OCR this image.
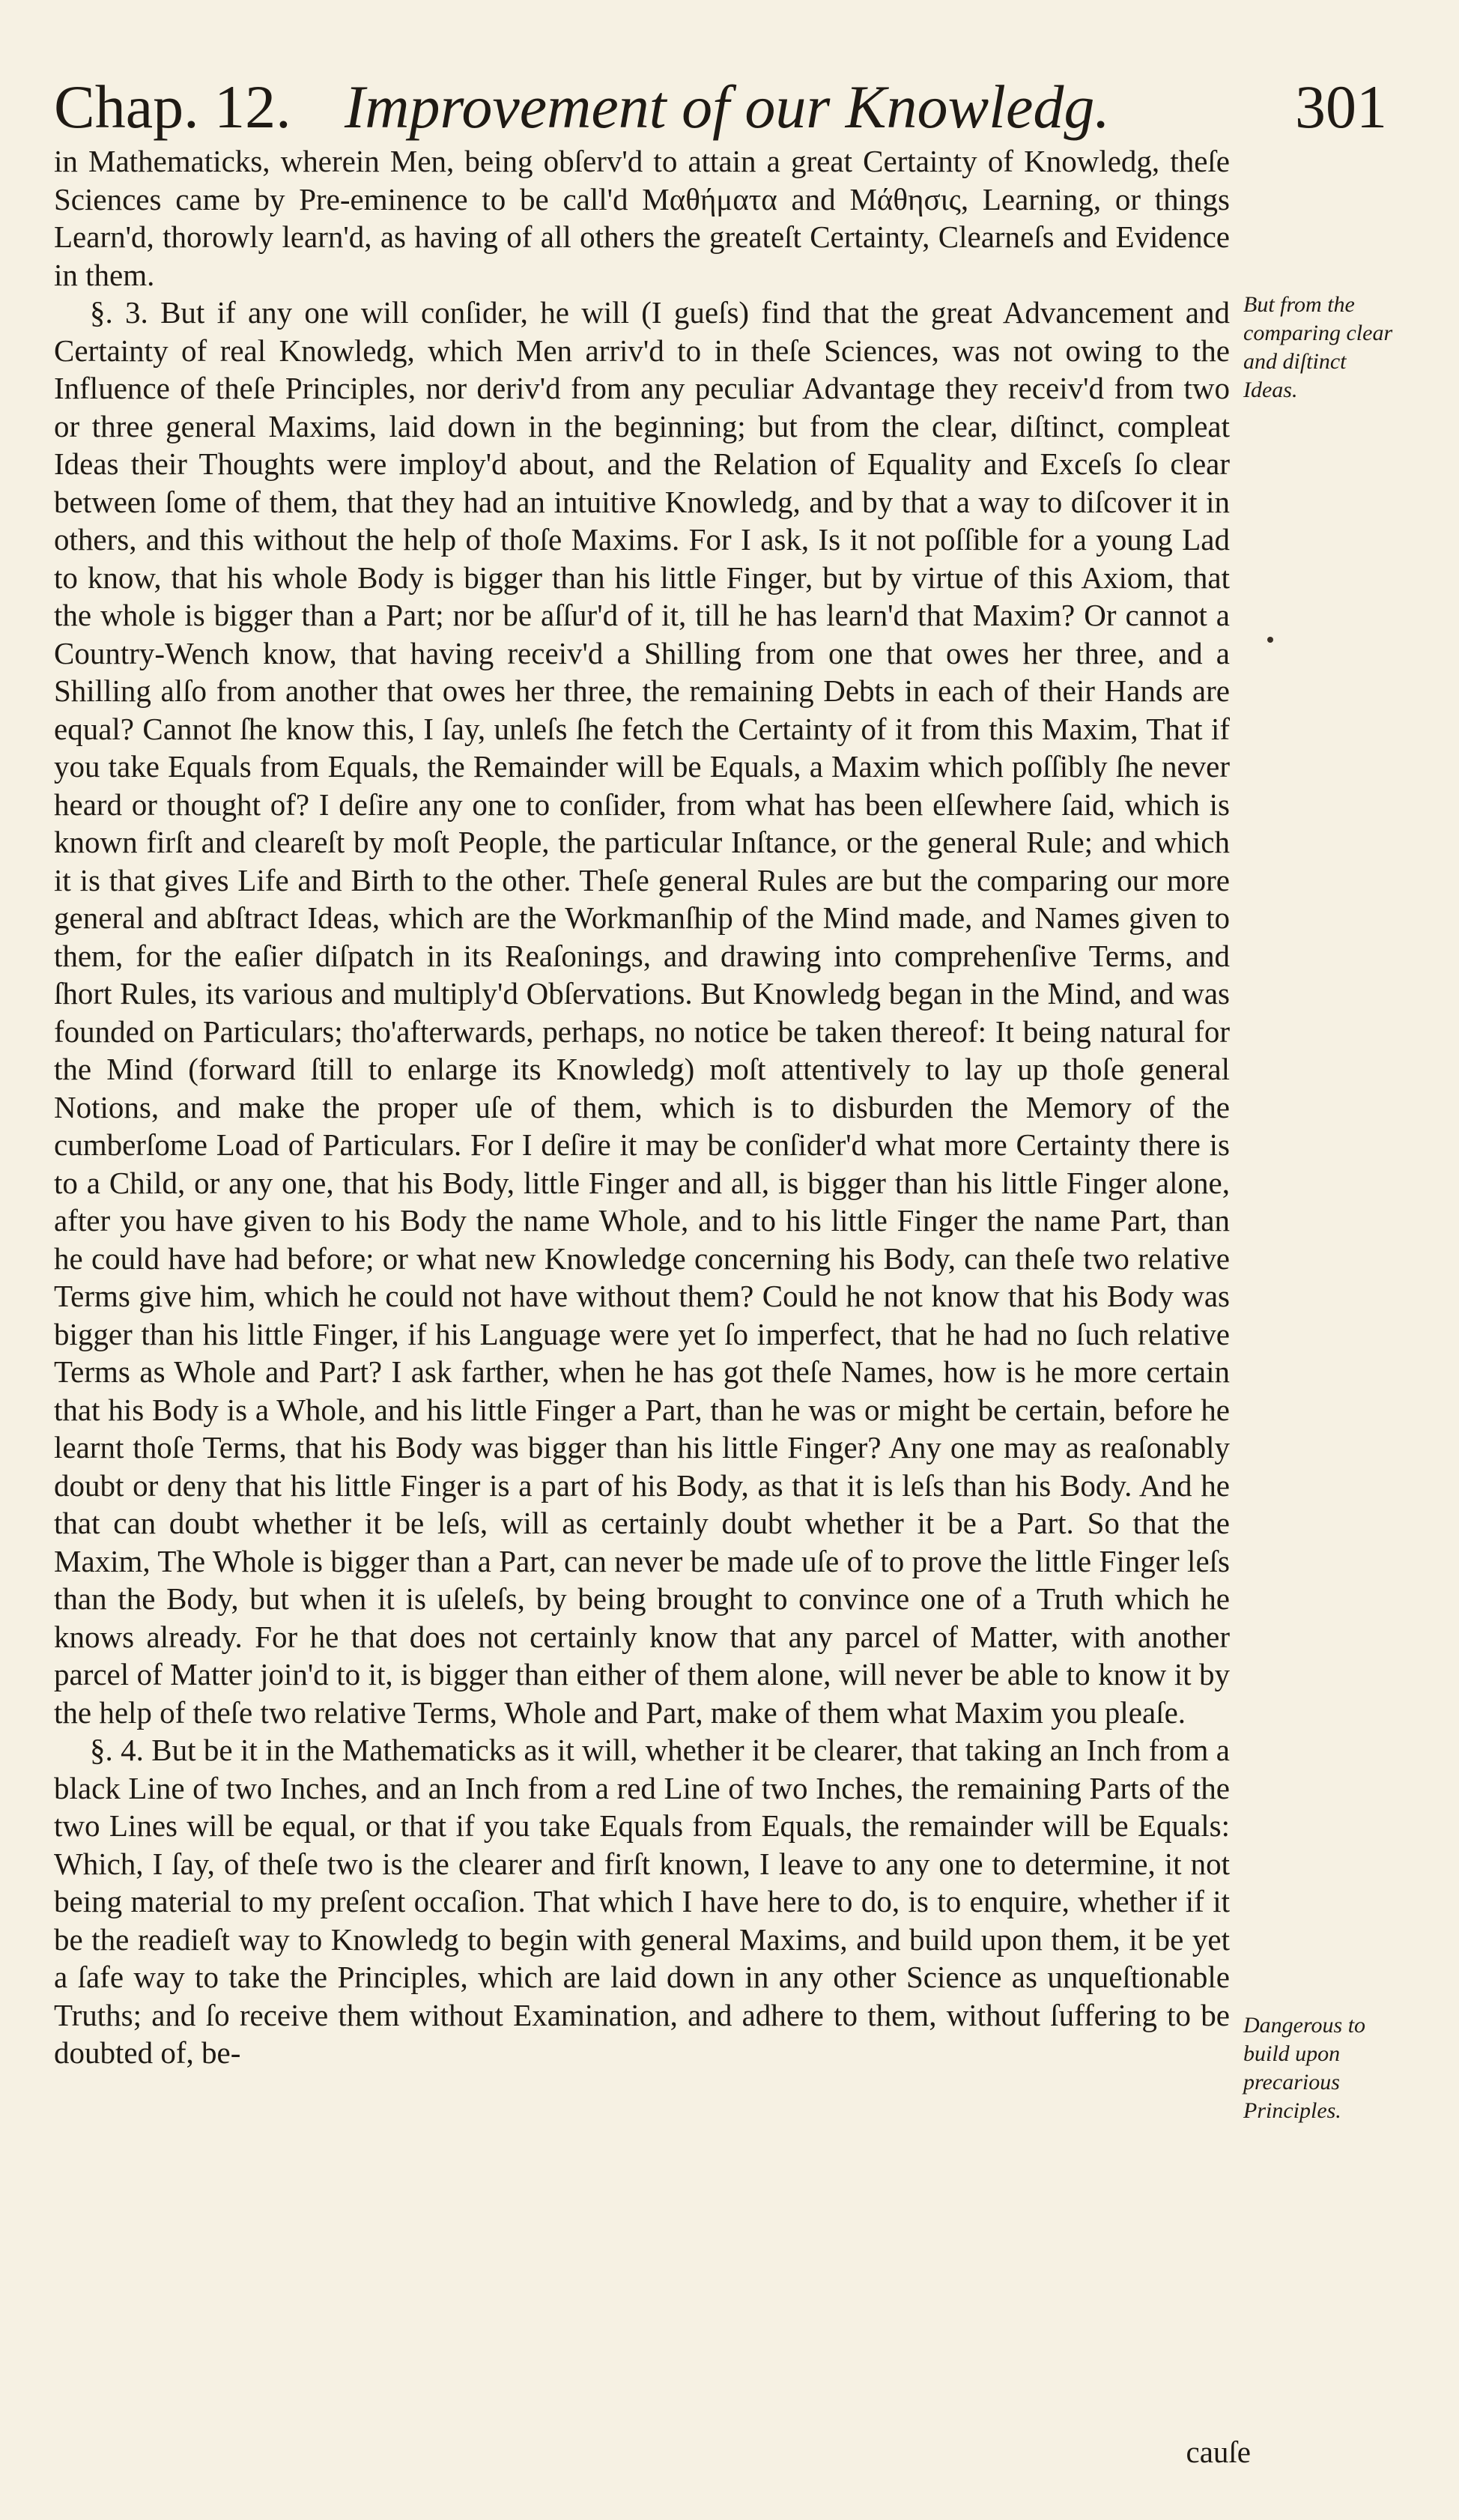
Chap. 12. Improvement of our Knowledg.	301

in Mathematicks, wherein Men, being obſerv'd to attain a great Certainty of Knowledg, theſe Sciences came by Pre-eminence to be call'd Μαθήματα and Μάθησις, Learning, or things Learn'd, thorowly learn'd, as having of all others the greateſt Certainty, Clearneſs and Evidence in them.

§. 3. But if any one will conſider, he will (I gueſs) find that the great Advancement and Certainty of real Knowledg, which Men arriv'd to in theſe Sciences, was not owing to the Influence of theſe Principles, nor deriv'd from any peculiar Advantage they receiv'd from two or three general Maxims, laid down in the beginning; but from the clear, diſtinct, compleat Ideas their Thoughts were imploy'd about, and the Relation of Equality and Exceſs ſo clear between ſome of them, that they had an intuitive Knowledg, and by that a way to diſcover it in others, and this without the help of thoſe Maxims. For I ask, Is it not poſſible for a young Lad to know, that his whole Body is bigger than his little Finger, but by virtue of this Axiom, that the whole is bigger than a Part; nor be aſſur'd of it, till he has learn'd that Maxim? Or cannot a Country-Wench know, that having receiv'd a Shilling from one that owes her three, and a Shilling alſo from another that owes her three, the remaining Debts in each of their Hands are equal? Cannot ſhe know this, I ſay, unleſs ſhe fetch the Certainty of it from this Maxim, That if you take Equals from Equals, the Remainder will be Equals, a Maxim which poſſibly ſhe never heard or thought of? I deſire any one to conſider, from what has been elſewhere ſaid, which is known firſt and cleareſt by moſt People, the particular Inſtance, or the general Rule; and which it is that gives Life and Birth to the other. Theſe general Rules are but the comparing our more general and abſtract Ideas, which are the Workmanſhip of the Mind made, and Names given to them, for the eaſier diſpatch in its Reaſonings, and drawing into comprehenſive Terms, and ſhort Rules, its various and multiply'd Obſervations. But Knowledg began in the Mind, and was founded on Particulars; tho'afterwards, perhaps, no notice be taken thereof: It being natural for the Mind (forward ſtill to enlarge its Knowledg) moſt attentively to lay up thoſe general Notions, and make the proper uſe of them, which is to disburden the Memory of the cumberſome Load of Particulars. For I deſire it may be conſider'd what more Certainty there is to a Child, or any one, that his Body, little Finger and all, is bigger than his little Finger alone, after you have given to his Body the name Whole, and to his little Finger the name Part, than he could have had before; or what new Knowledge concerning his Body, can theſe two relative Terms give him, which he could not have without them? Could he not know that his Body was bigger than his little Finger, if his Language were yet ſo imperfect, that he had no ſuch relative Terms as Whole and Part? I ask farther, when he has got theſe Names, how is he more certain that his Body is a Whole, and his little Finger a Part, than he was or might be certain, before he learnt thoſe Terms, that his Body was bigger than his little Finger? Any one may as reaſonably doubt or deny that his little Finger is a part of his Body, as that it is leſs than his Body. And he that can doubt whether it be leſs, will as certainly doubt whether it be a Part. So that the Maxim, The Whole is bigger than a Part, can never be made uſe of to prove the little Finger leſs than the Body, but when it is uſeleſs, by being brought to convince one of a Truth which he knows already. For he that does not certainly know that any parcel of Matter, with another parcel of Matter join'd to it, is bigger than either of them alone, will never be able to know it by the help of theſe two relative Terms, Whole and Part, make of them what Maxim you pleaſe.

§. 4. But be it in the Mathematicks as it will, whether it be clearer, that taking an Inch from a black Line of two Inches, and an Inch from a red Line of two Inches, the remaining Parts of the two Lines will be equal, or that if you take Equals from Equals, the remainder will be Equals: Which, I ſay, of theſe two is the clearer and firſt known, I leave to any one to determine, it not being material to my preſent occaſion. That which I have here to do, is to enquire, whether if it be the readieſt way to Knowledg to begin with general Maxims, and build upon them, it be yet a ſafe way to take the Principles, which are laid down in any other Science as unqueſtionable Truths; and ſo receive them without Examination, and adhere to them, without ſuffering to be doubted of, be-

But from the comparing clear and diſtinct Ideas.
Dangerous to build upon precarious Principles.
cauſe
